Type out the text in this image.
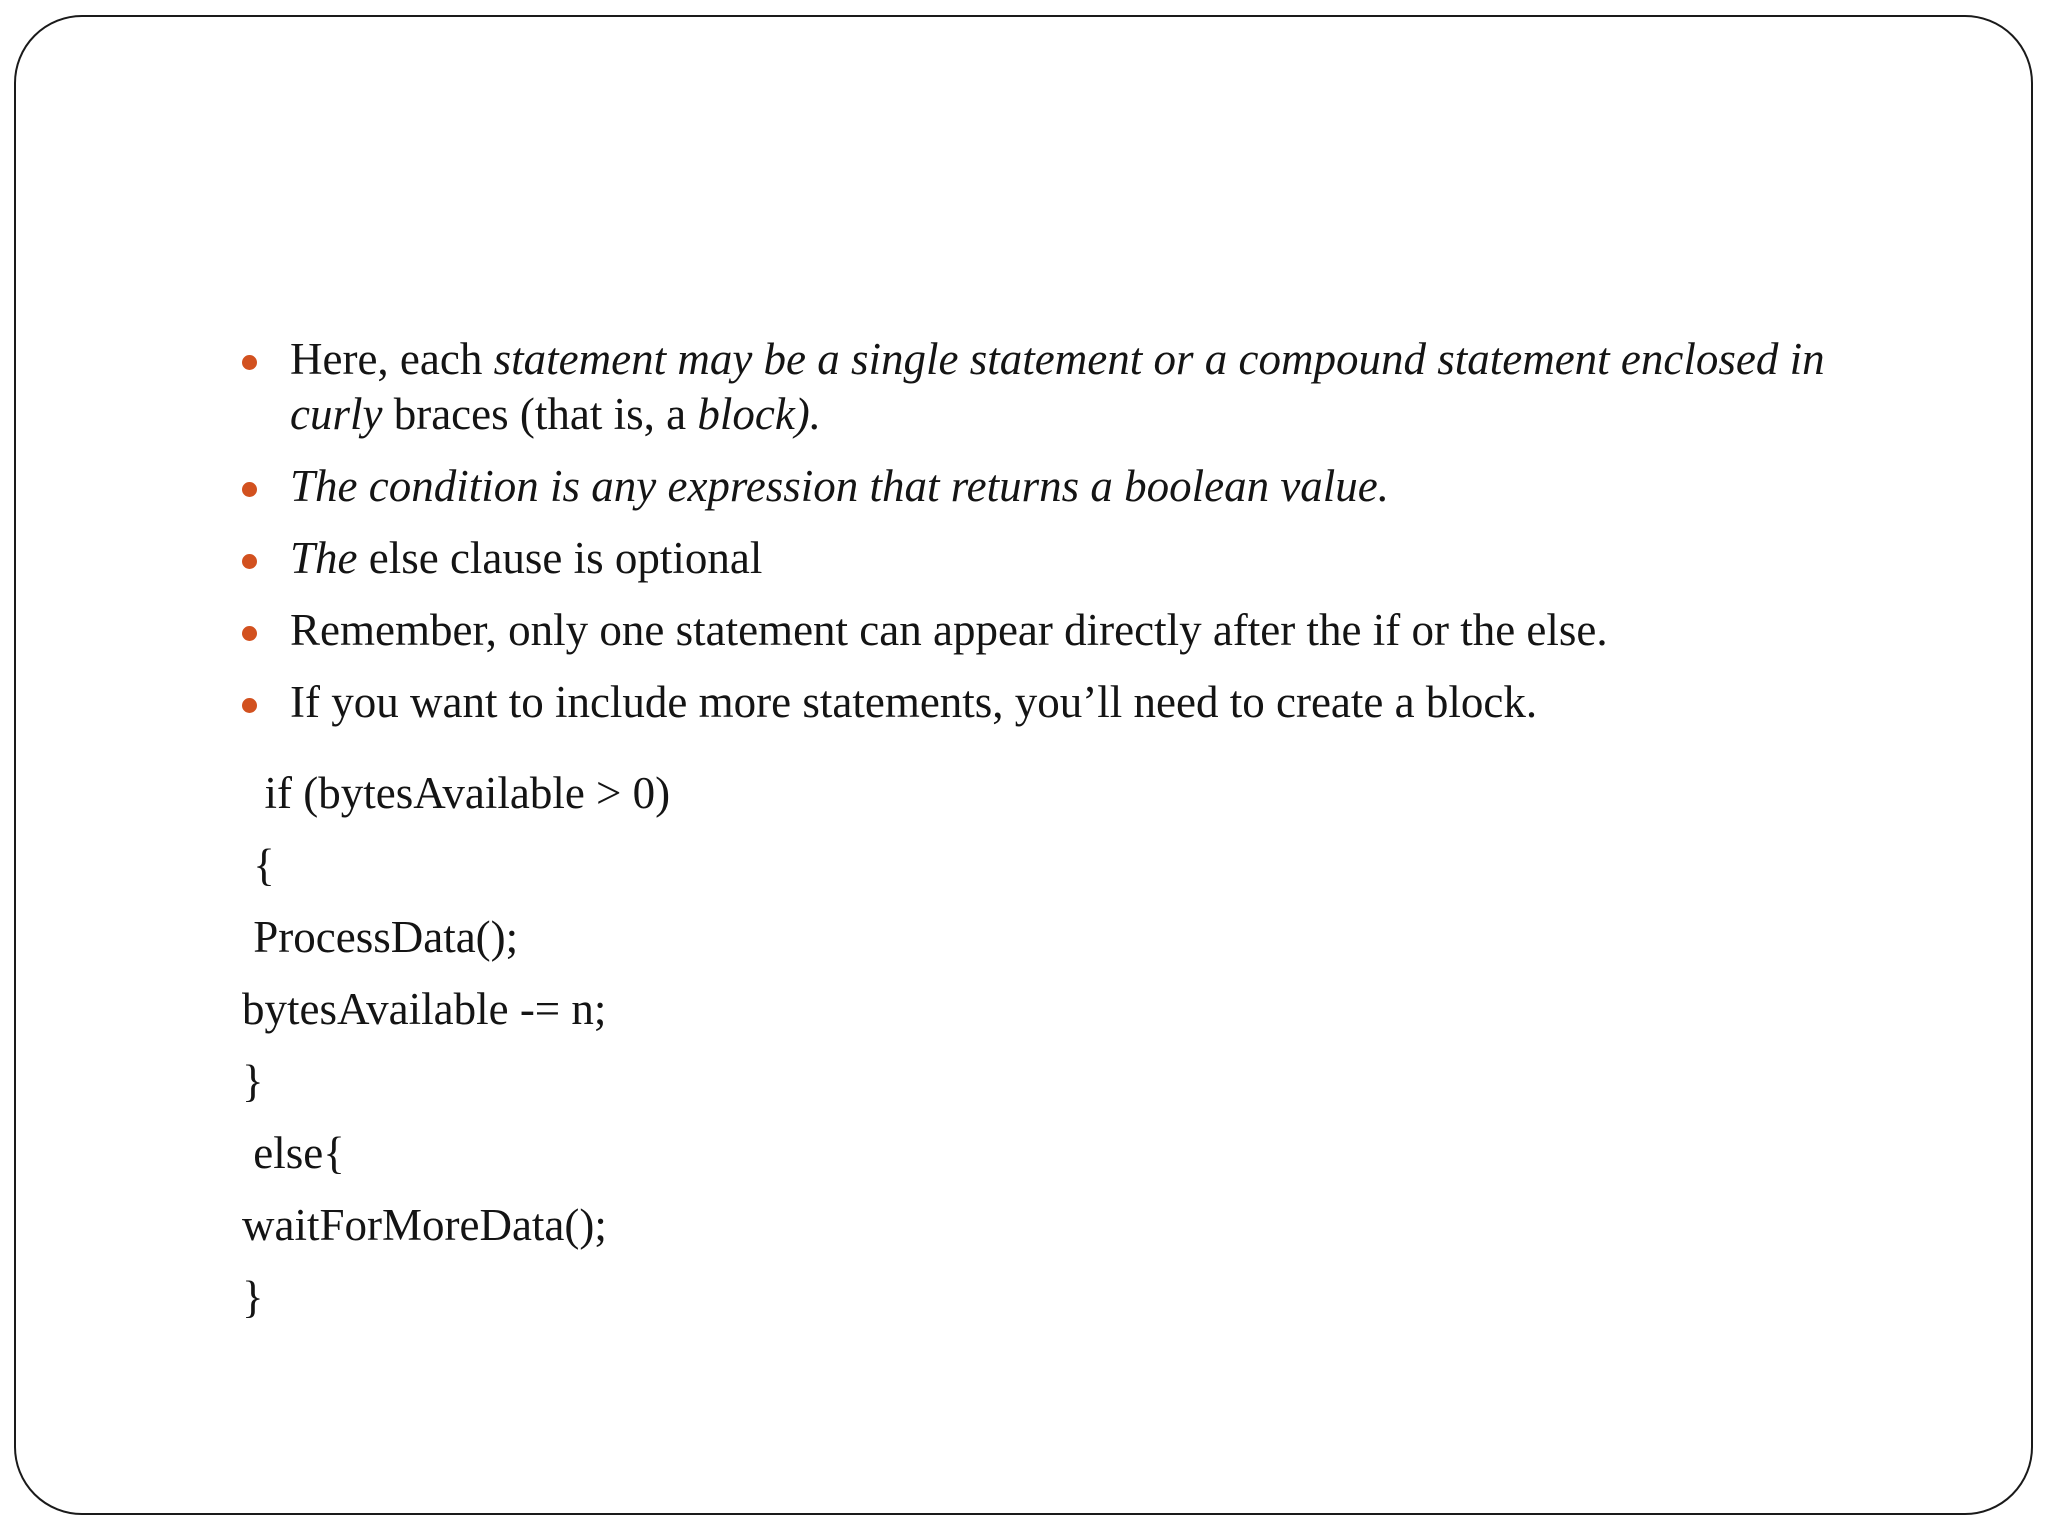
Here, each statement may be a single statement or a compound statement enclosed in curly braces (that is, a block).
The condition is any expression that returns a boolean value.
The else clause is optional
Remember, only one statement can appear directly after the if or the else.
If you want to include more statements, you’ll need to create a block.
if (bytesAvailable > 0)
{
ProcessData();
bytesAvailable -= n;
}
else{
waitForMoreData();
}
